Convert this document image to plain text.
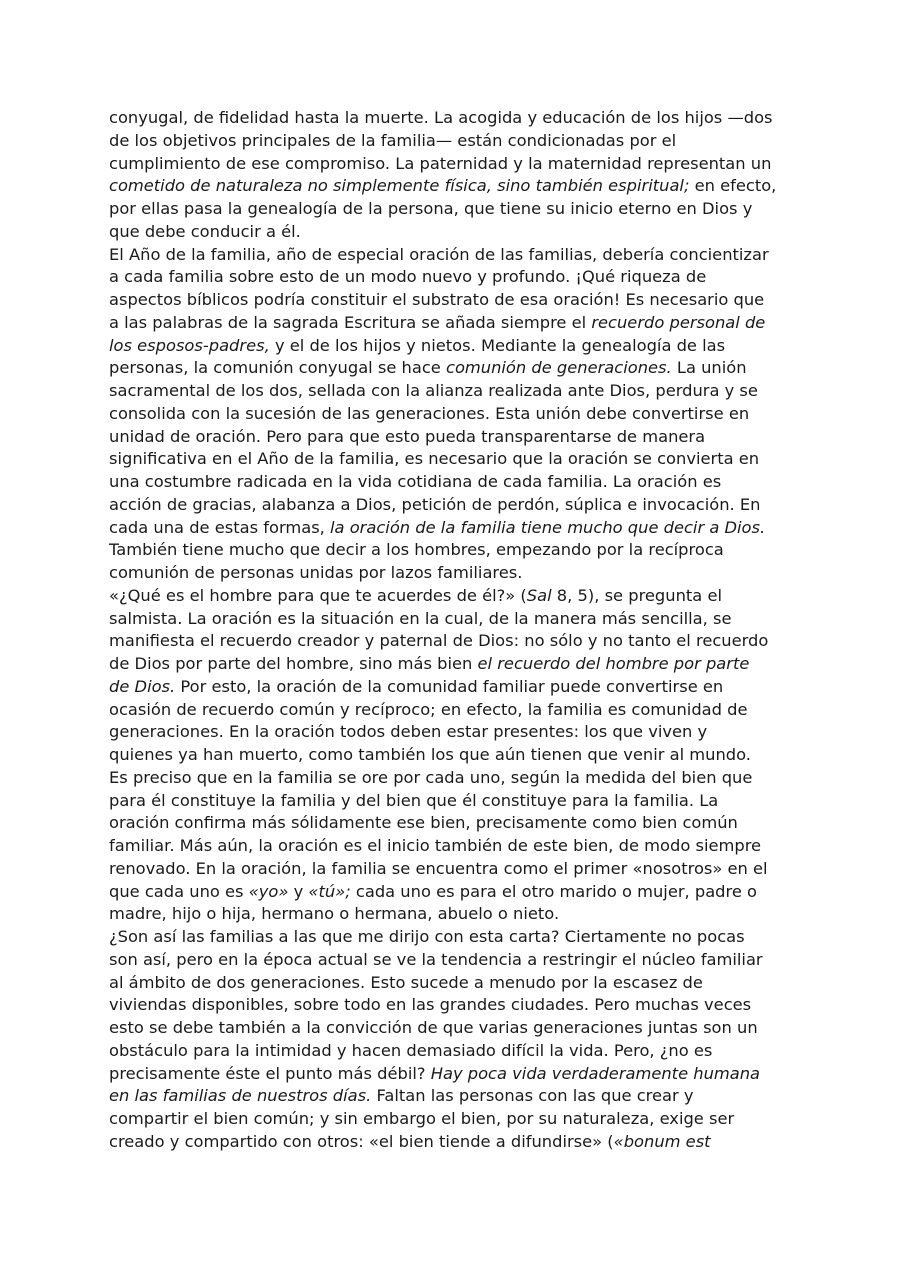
conyugal, de fidelidad hasta la muerte. La acogida y educación de los hijos —dos
de los objetivos principales de la familia— están condicionadas por el
cumplimiento de ese compromiso. La paternidad y la maternidad representan un
cometido de naturaleza no simplemente física, sino también espiritual; en efecto,
por ellas pasa la genealogía de la persona, que tiene su inicio eterno en Dios y
que debe conducir a él.
El Año de la familia, año de especial oración de las familias, debería concientizar
a cada familia sobre esto de un modo nuevo y profundo. ¡Qué riqueza de
aspectos bíblicos podría constituir el substrato de esa oración! Es necesario que
a las palabras de la sagrada Escritura se añada siempre el recuerdo personal de
los esposos-padres, y el de los hijos y nietos. Mediante la genealogía de las
personas, la comunión conyugal se hace comunión de generaciones. La unión
sacramental de los dos, sellada con la alianza realizada ante Dios, perdura y se
consolida con la sucesión de las generaciones. Esta unión debe convertirse en
unidad de oración. Pero para que esto pueda transparentarse de manera
significativa en el Año de la familia, es necesario que la oración se convierta en
una costumbre radicada en la vida cotidiana de cada familia. La oración es
acción de gracias, alabanza a Dios, petición de perdón, súplica e invocación. En
cada una de estas formas, la oración de la familia tiene mucho que decir a Dios.
También tiene mucho que decir a los hombres, empezando por la recíproca
comunión de personas unidas por lazos familiares.
«¿Qué es el hombre para que te acuerdes de él?» (Sal 8, 5), se pregunta el
salmista. La oración es la situación en la cual, de la manera más sencilla, se
manifiesta el recuerdo creador y paternal de Dios: no sólo y no tanto el recuerdo
de Dios por parte del hombre, sino más bien el recuerdo del hombre por parte
de Dios. Por esto, la oración de la comunidad familiar puede convertirse en
ocasión de recuerdo común y recíproco; en efecto, la familia es comunidad de
generaciones. En la oración todos deben estar presentes: los que viven y
quienes ya han muerto, como también los que aún tienen que venir al mundo.
Es preciso que en la familia se ore por cada uno, según la medida del bien que
para él constituye la familia y del bien que él constituye para la familia. La
oración confirma más sólidamente ese bien, precisamente como bien común
familiar. Más aún, la oración es el inicio también de este bien, de modo siempre
renovado. En la oración, la familia se encuentra como el primer «nosotros» en el
que cada uno es «yo» y «tú»; cada uno es para el otro marido o mujer, padre o
madre, hijo o hija, hermano o hermana, abuelo o nieto.
¿Son así las familias a las que me dirijo con esta carta? Ciertamente no pocas
son así, pero en la época actual se ve la tendencia a restringir el núcleo familiar
al ámbito de dos generaciones. Esto sucede a menudo por la escasez de
viviendas disponibles, sobre todo en las grandes ciudades. Pero muchas veces
esto se debe también a la convicción de que varias generaciones juntas son un
obstáculo para la intimidad y hacen demasiado difícil la vida. Pero, ¿no es
precisamente éste el punto más débil? Hay poca vida verdaderamente humana
en las familias de nuestros días. Faltan las personas con las que crear y
compartir el bien común; y sin embargo el bien, por su naturaleza, exige ser
creado y compartido con otros: «el bien tiende a difundirse» («bonum est
